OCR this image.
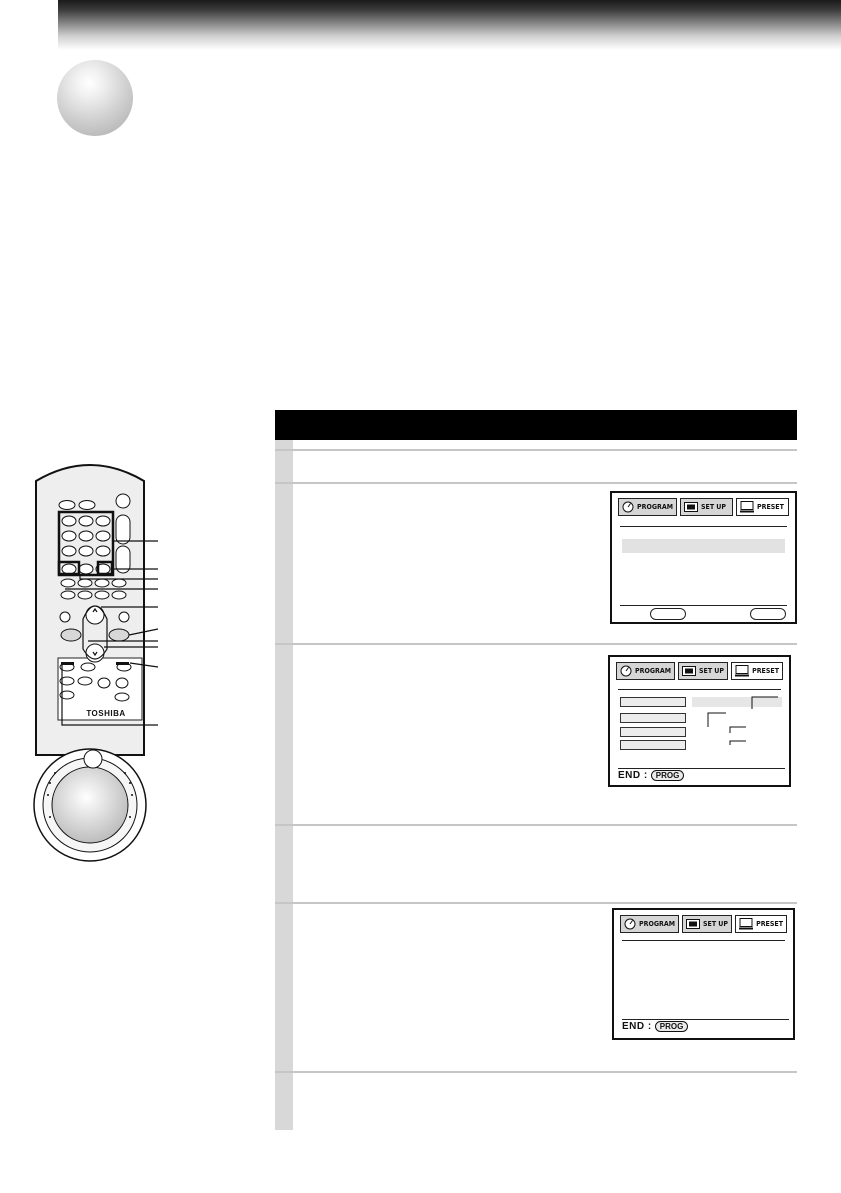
TOSHIBA
PROGRAM	SET UP	PRESET
PROGRAM	SET UP	PRESET
END :	PROG
PROGRAM	SET UP	PRESET
END :	PROG
